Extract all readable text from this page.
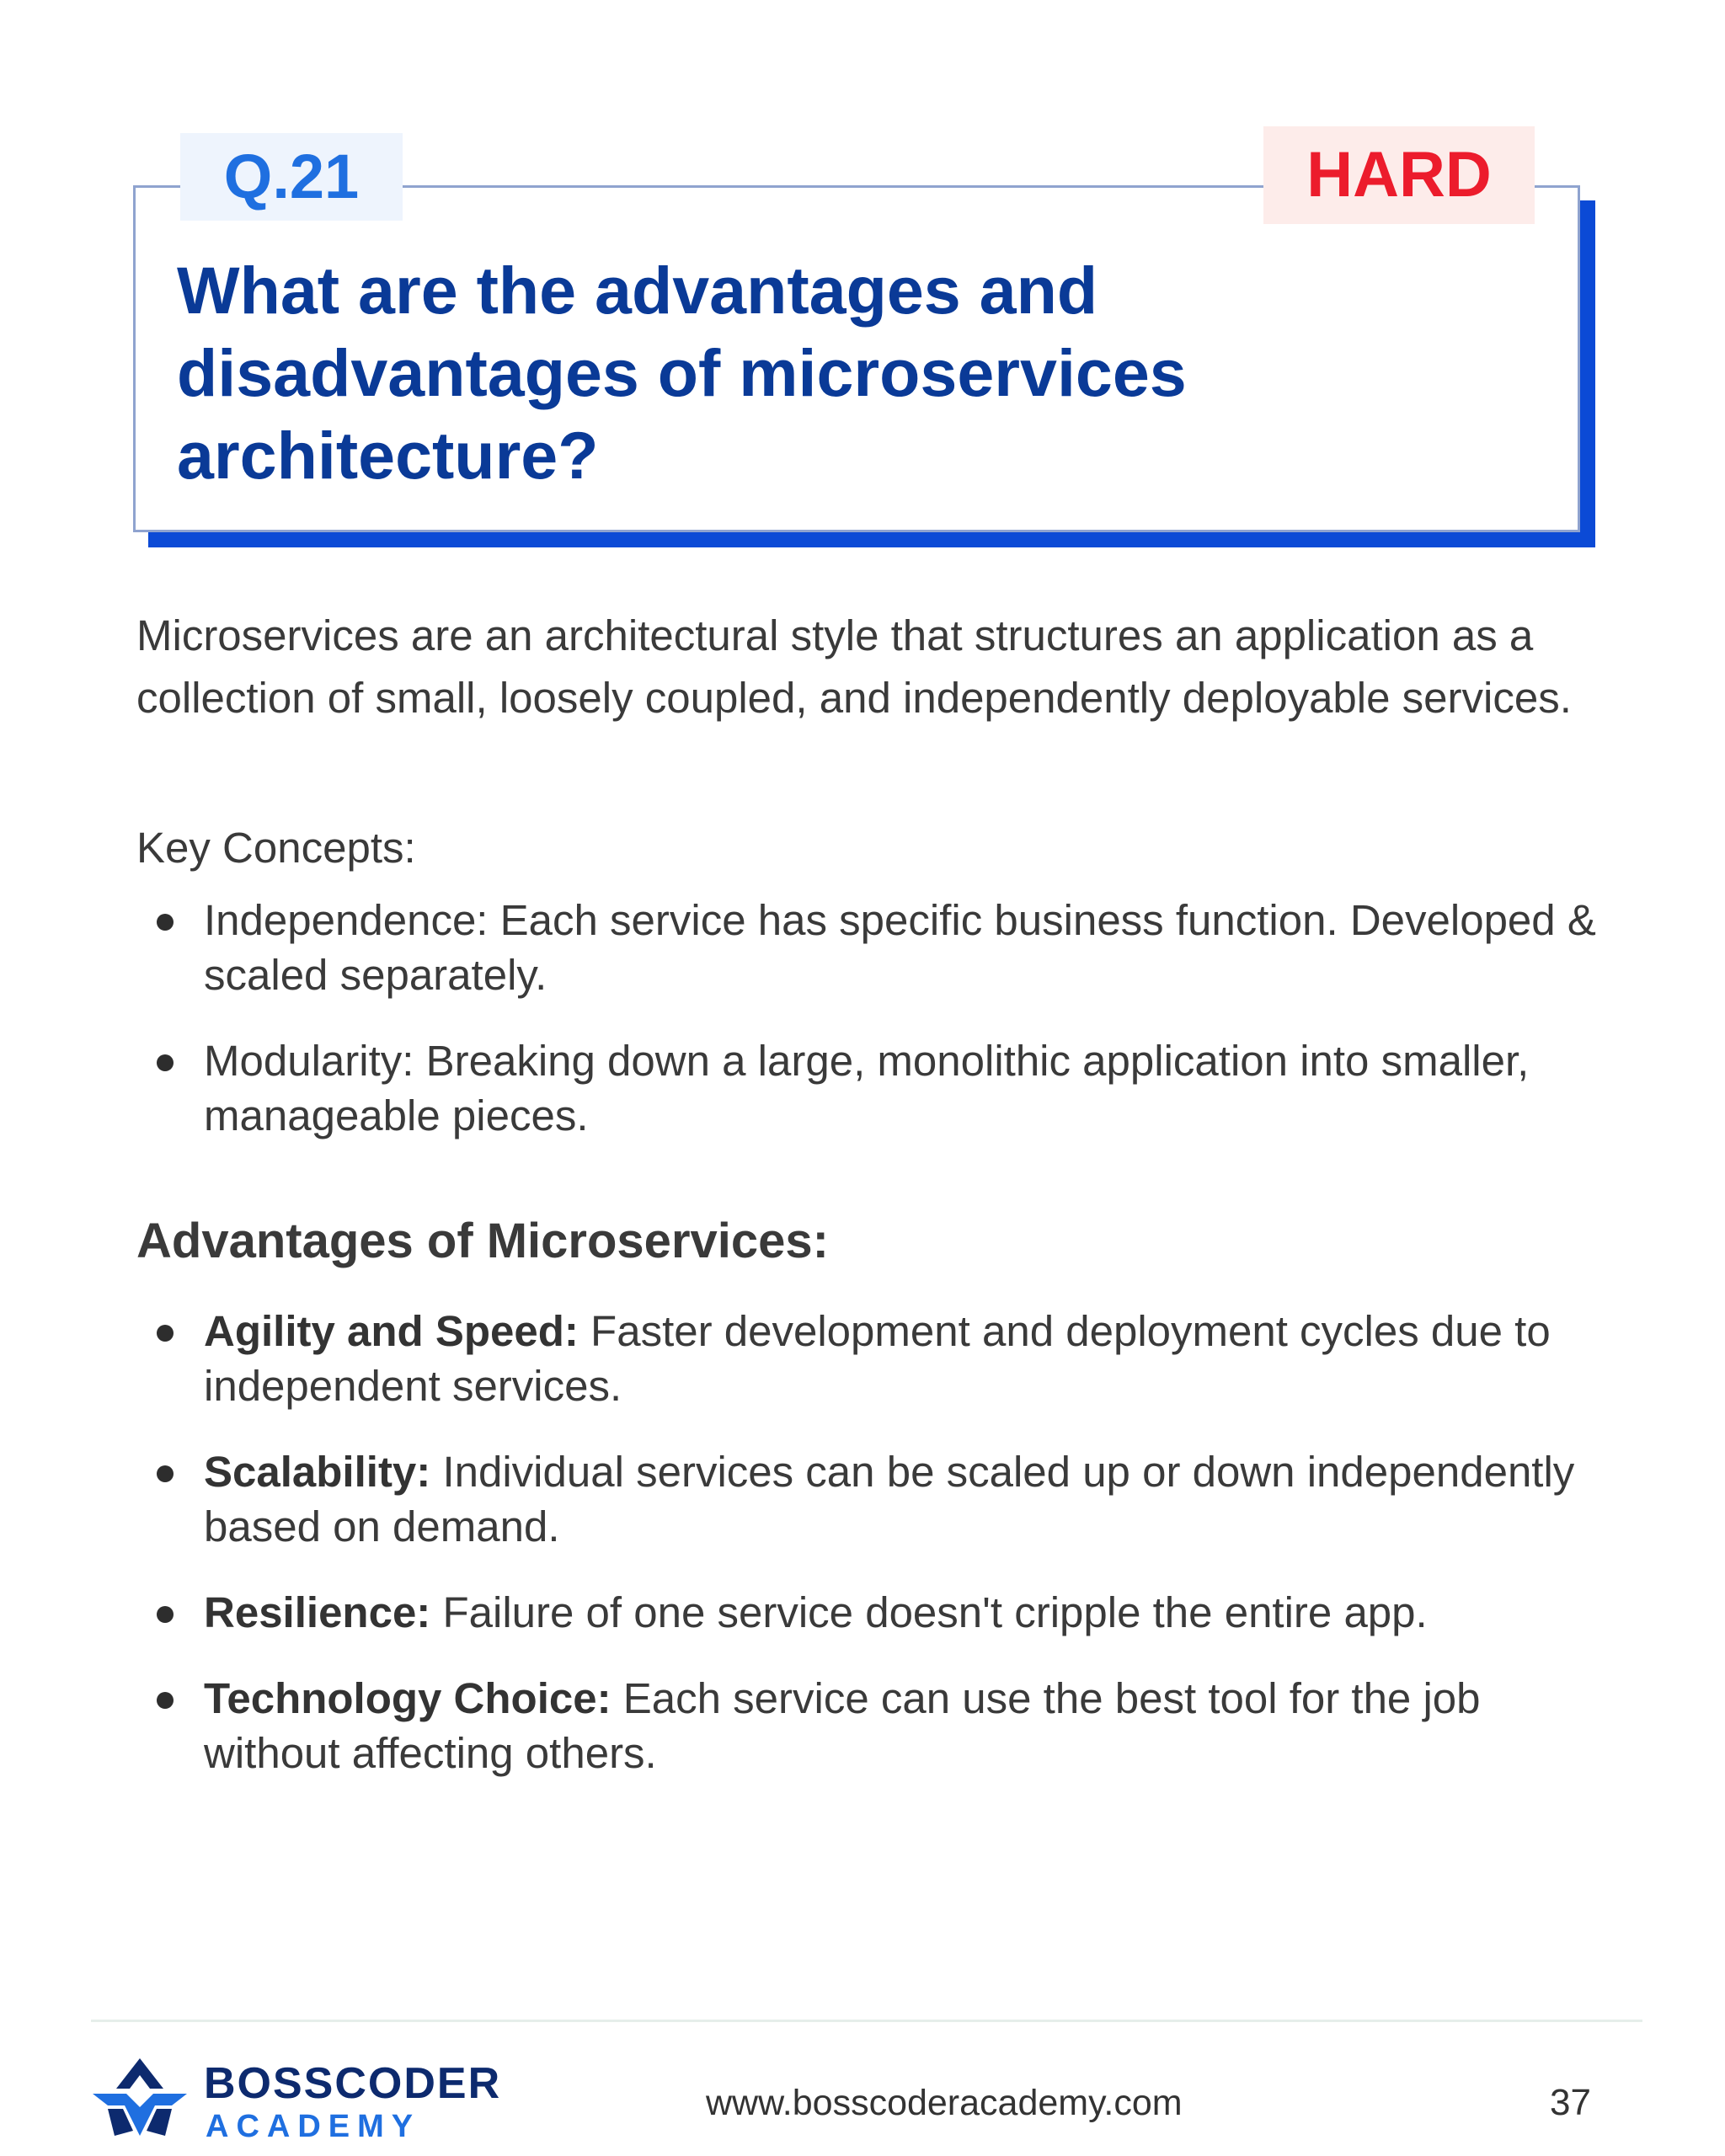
Q.21	HARD
What are the advantages and disadvantages of microservices architecture?

Microservices are an architectural style that structures an application as a collection of small, loosely coupled, and independently deployable services.

Key Concepts:

Independence: Each service has specific business function. Developed & scaled separately.
Modularity: Breaking down a large, monolithic application into smaller, manageable pieces.
Advantages of Microservices:
Agility and Speed: Faster development and deployment cycles due to independent services.
Scalability: Individual services can be scaled up or down independently based on demand.
Resilience: Failure of one service doesn't cripple the entire app.
Technology Choice: Each service can use the best tool for the job without affecting others.
BOSSCODER
ACADEMY
www.bosscoderacademy.com	37
